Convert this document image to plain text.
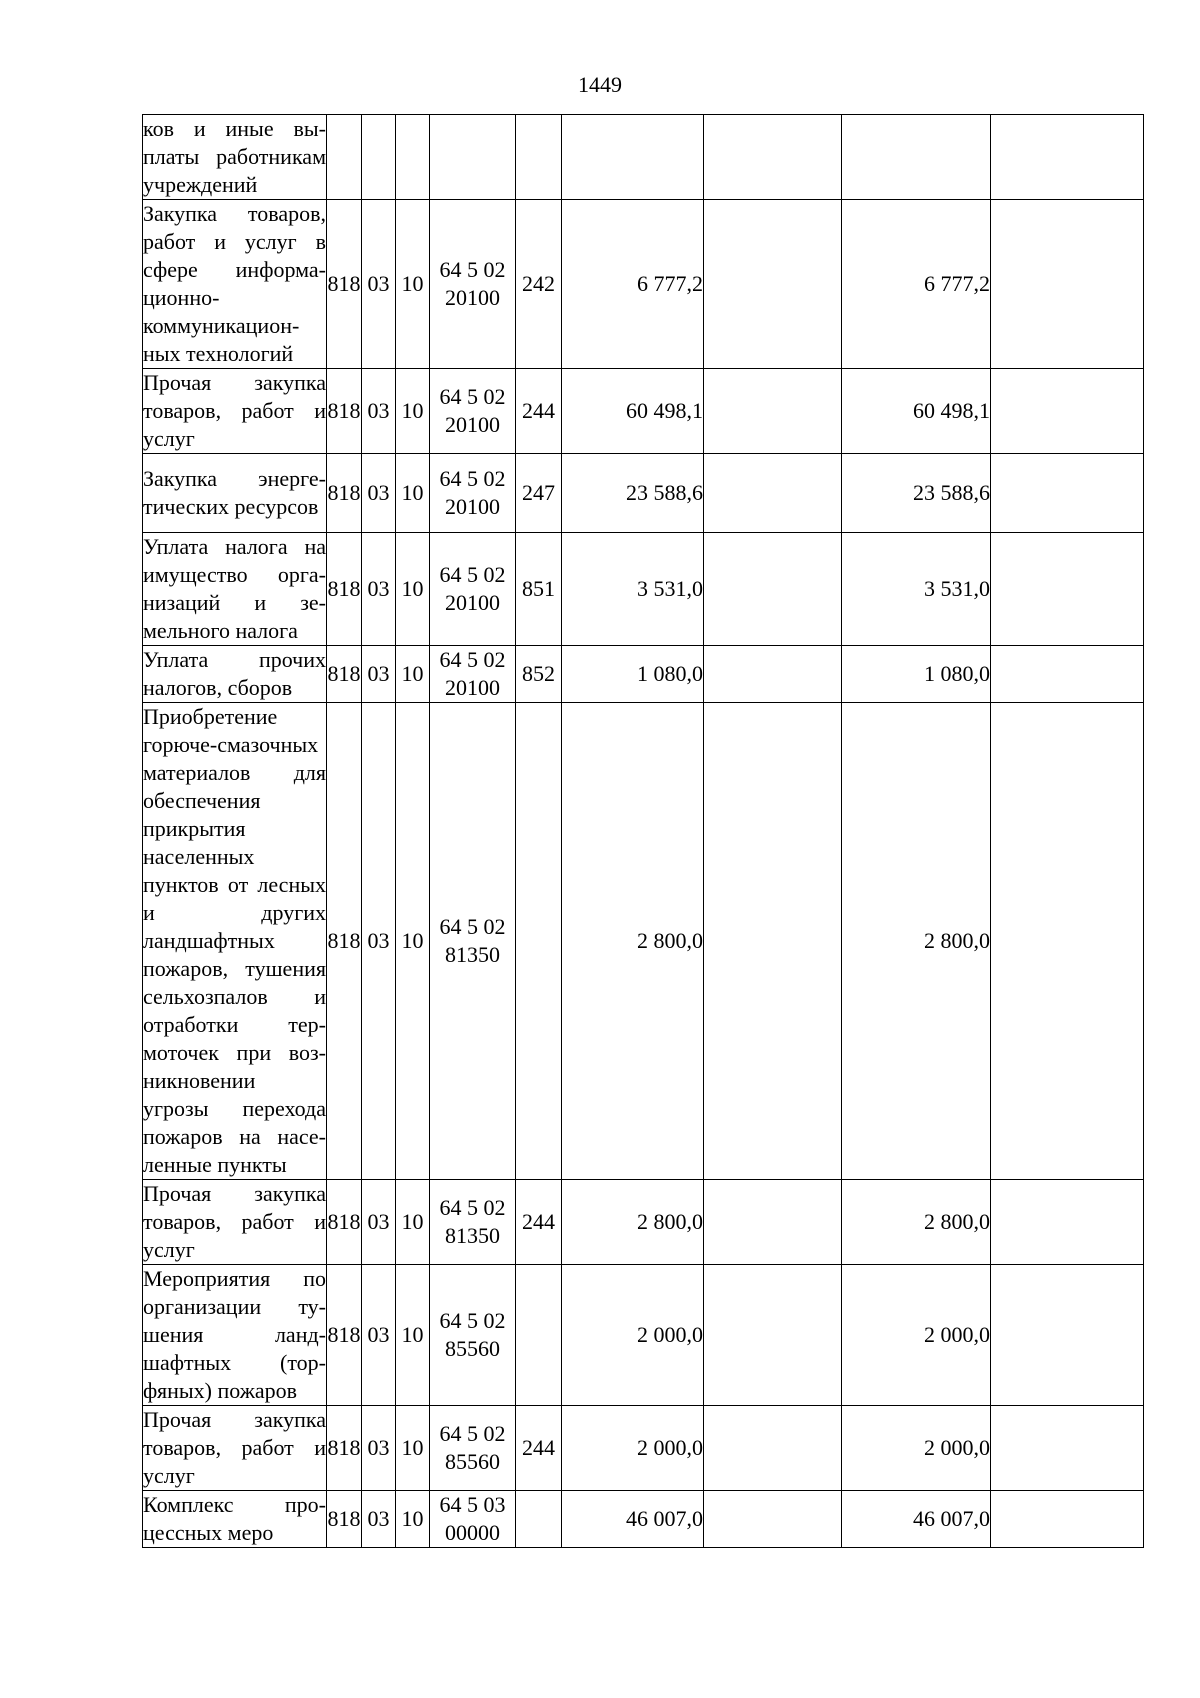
1449
ков и иные выплаты работникам учреждений									
Закупка товаров, работ и услуг в сфере информационно-коммуникационных технологий	818	03	10	64 5 02 20100	242	6 777,2		6 777,2	
Прочая закупка товаров, работ и услуг	818	03	10	64 5 02 20100	244	60 498,1		60 498,1	
Закупка энергетических ресурсов	818	03	10	64 5 02 20100	247	23 588,6		23 588,6	
Уплата налога на имущество организаций и земельного налога	818	03	10	64 5 02 20100	851	3 531,0		3 531,0	
Уплата прочих налогов, сборов	818	03	10	64 5 02 20100	852	1 080,0		1 080,0	
Приобретение горюче-смазочных материалов для обеспечения прикрытия населенных пунктов от лесных и других ландшафтных пожаров, тушения сельхозпалов и отработки термоточек при возникновении угрозы перехода пожаров на населенные пункты	818	03	10	64 5 02 81350		2 800,0		2 800,0	
Прочая закупка товаров, работ и услуг	818	03	10	64 5 02 81350	244	2 800,0		2 800,0	
Мероприятия по организации тушения ландшафтных (торфяных) пожаров	818	03	10	64 5 02 85560		2 000,0		2 000,0	
Прочая закупка товаров, работ и услуг	818	03	10	64 5 02 85560	244	2 000,0		2 000,0	
Комплекс процессных меро	818	03	10	64 5 03 00000		46 007,0		46 007,0	
